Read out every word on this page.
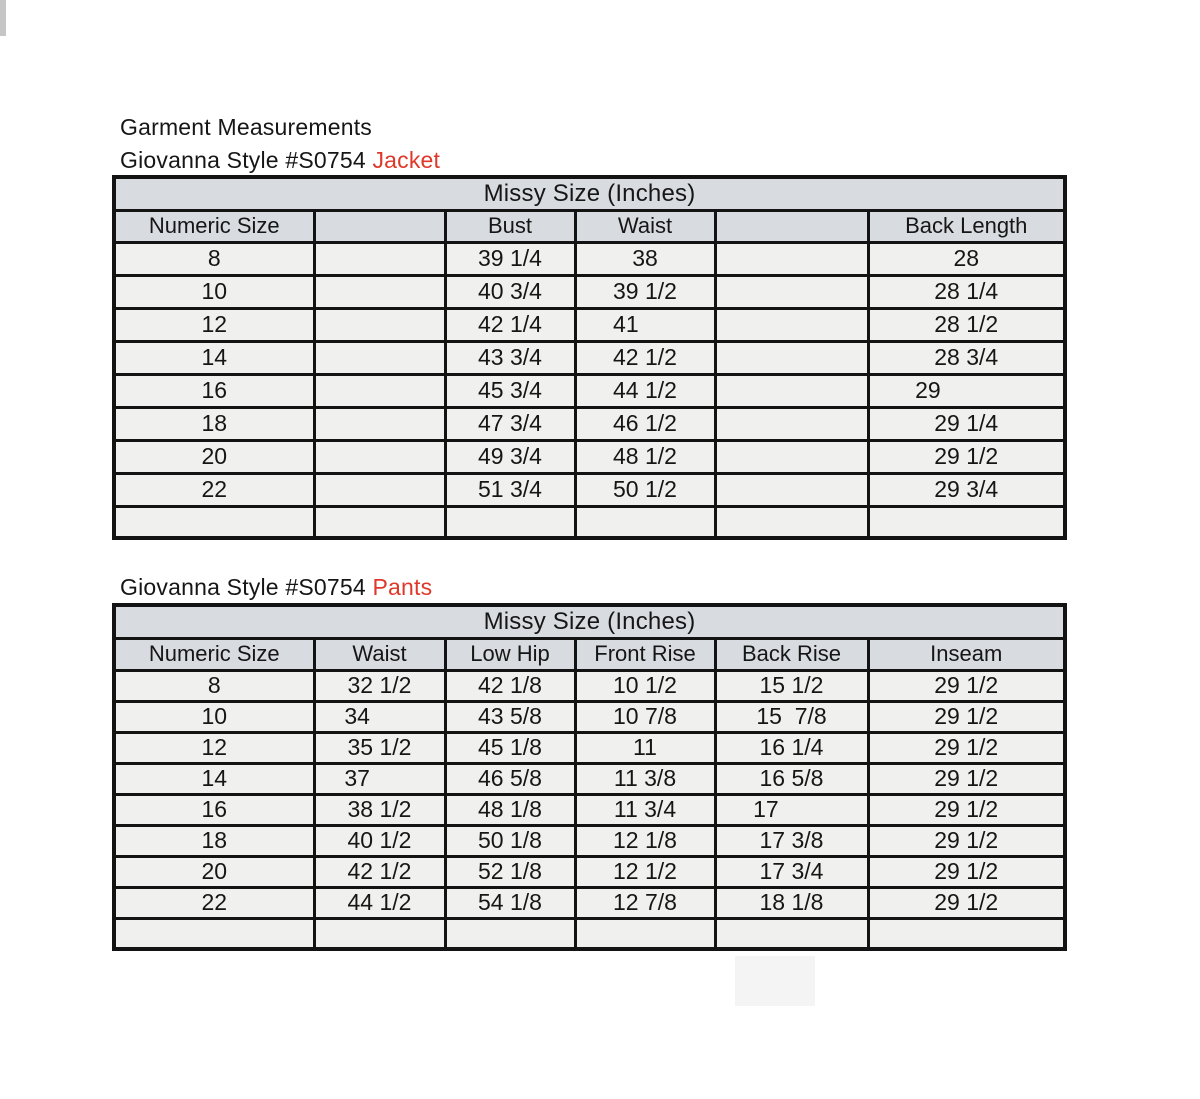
Garment Measurements
Giovanna Style #S0754 Jacket
Missy Size (Inches)					
Numeric Size		Bust	Waist		Back Length
8		39 1/4	38		28
10		40 3/4	39 1/2		28 1/4
12		42 1/4	41		28 1/2
14		43 3/4	42 1/2		28 3/4
16		45 3/4	44 1/2		29
18		47 3/4	46 1/2		29 1/4
20		49 3/4	48 1/2		29 1/2
22		51 3/4	50 1/2		29 3/4

Giovanna Style #S0754 Pants
Missy Size (Inches)					
Numeric Size	Waist	Low Hip	Front Rise	Back Rise	Inseam
8	32 1/2	42 1/8	10 1/2	15 1/2	29 1/2
10	34	43 5/8	10 7/8	15  7/8	29 1/2
12	35 1/2	45 1/8	11	16 1/4	29 1/2
14	37	46 5/8	11 3/8	16 5/8	29 1/2
16	38 1/2	48 1/8	11 3/4	17	29 1/2
18	40 1/2	50 1/8	12 1/8	17 3/8	29 1/2
20	42 1/2	52 1/8	12 1/2	17 3/4	29 1/2
22	44 1/2	54 1/8	12 7/8	18 1/8	29 1/2
